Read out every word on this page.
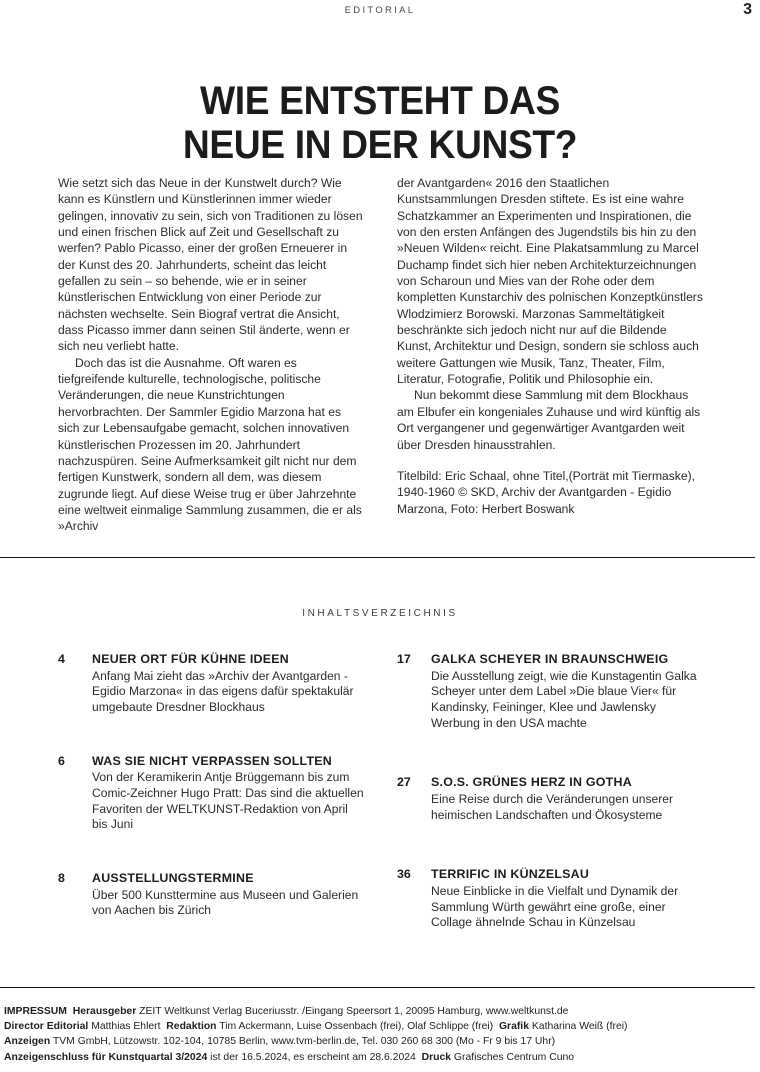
EDITORIAL	3
WIE ENTSTEHT DAS
NEUE IN DER KUNST?

Wie setzt sich das Neue in der Kunstwelt durch? Wie kann es Künstlern und Künstlerinnen immer wieder gelingen, innovativ zu sein, sich von Traditionen zu lösen und einen frischen Blick auf Zeit und Gesellschaft zu werfen? Pablo Picasso, einer der großen Erneuerer in der Kunst des 20. Jahrhunderts, scheint das leicht gefallen zu sein – so behende, wie er in seiner künstlerischen Entwicklung von einer Periode zur nächsten wechselte. Sein Biograf vertrat die Ansicht, dass Picasso immer dann seinen Stil änderte, wenn er sich neu verliebt hatte.

Doch das ist die Ausnahme. Oft waren es tiefgreifende kulturelle, technologische, politische Veränderungen, die neue Kunstrichtungen hervorbrachten. Der Sammler Egidio Marzona hat es sich zur Lebensaufgabe gemacht, solchen innovativen künstlerischen Prozessen im 20. Jahrhundert nachzuspüren. Seine Aufmerksamkeit gilt nicht nur dem fertigen Kunstwerk, sondern all dem, was diesem zugrunde liegt. Auf diese Weise trug er über Jahrzehnte eine weltweit einmalige Sammlung zusammen, die er als »Archiv

der Avantgarden« 2016 den Staatlichen Kunstsammlungen Dresden stiftete. Es ist eine wahre Schatzkammer an Experimenten und Inspirationen, die von den ersten Anfängen des Jugendstils bis hin zu den »Neuen Wilden« reicht. Eine Plakatsammlung zu Marcel Duchamp findet sich hier neben Architekturzeichnungen von Scharoun und Mies van der Rohe oder dem kompletten Kunstarchiv des polnischen Konzeptkünstlers Wlodzimierz Borowski. Marzonas Sammeltätigkeit beschränkte sich jedoch nicht nur auf die Bildende Kunst, Architektur und Design, sondern sie schloss auch weitere Gattungen wie Musik, Tanz, Theater, Film, Literatur, Fotografie, Politik und Philosophie ein.

Nun bekommt diese Sammlung mit dem Blockhaus am Elbufer ein kongeniales Zuhause und wird künftig als Ort vergangener und gegenwärtiger Avantgarden weit über Dresden hinausstrahlen.

Titelbild: Eric Schaal, ohne Titel,(Porträt mit Tiermaske), 1940-1960 © SKD, Archiv der Avantgarden - Egidio Marzona, Foto: Herbert Boswank

INHALTSVERZEICHNIS
4	NEUER ORT FÜR KÜHNE IDEEN
Anfang Mai zieht das »Archiv der Avantgarden - Egidio Marzona« in das eigens dafür spektakulär umgebaute Dresdner Blockhaus
6	WAS SIE NICHT VERPASSEN SOLLTEN
Von der Keramikerin Antje Brüggemann bis zum Comic-Zeichner Hugo Pratt: Das sind die aktuellen Favoriten der WELTKUNST-Redaktion von April bis Juni
8	AUSSTELLUNGSTERMINE
Über 500 Kunsttermine aus Museen und Galerien von Aachen bis Zürich
17	GALKA SCHEYER IN BRAUNSCHWEIG
Die Ausstellung zeigt, wie die Kunstagentin Galka Scheyer unter dem Label »Die blaue Vier« für Kandinsky, Feininger, Klee und Jawlensky Werbung in den USA machte
27	S.O.S. GRÜNES HERZ IN GOTHA
Eine Reise durch die Veränderungen unserer heimischen Landschaften und Ökosysteme
36	TERRIFIC IN KÜNZELSAU
Neue Einblicke in die Vielfalt und Dynamik der Sammlung Würth gewährt eine große, einer Collage ähnelnde Schau in Künzelsau
IMPRESSUM Herausgeber ZEIT Weltkunst Verlag Buceriusstr. /Eingang Speersort 1, 20095 Hamburg, www.weltkunst.de
Director Editorial Matthias Ehlert Redaktion Tim Ackermann, Luise Ossenbach (frei), Olaf Schlippe (frei) Grafik Katharina Weiß (frei)
Anzeigen TVM GmbH, Lützowstr. 102-104, 10785 Berlin, www.tvm-berlin.de, Tel. 030 260 68 300 (Mo - Fr 9 bis 17 Uhr)
Anzeigenschluss für Kunstquartal 3/2024 ist der 16.5.2024, es erscheint am 28.6.2024 Druck Grafisches Centrum Cuno
